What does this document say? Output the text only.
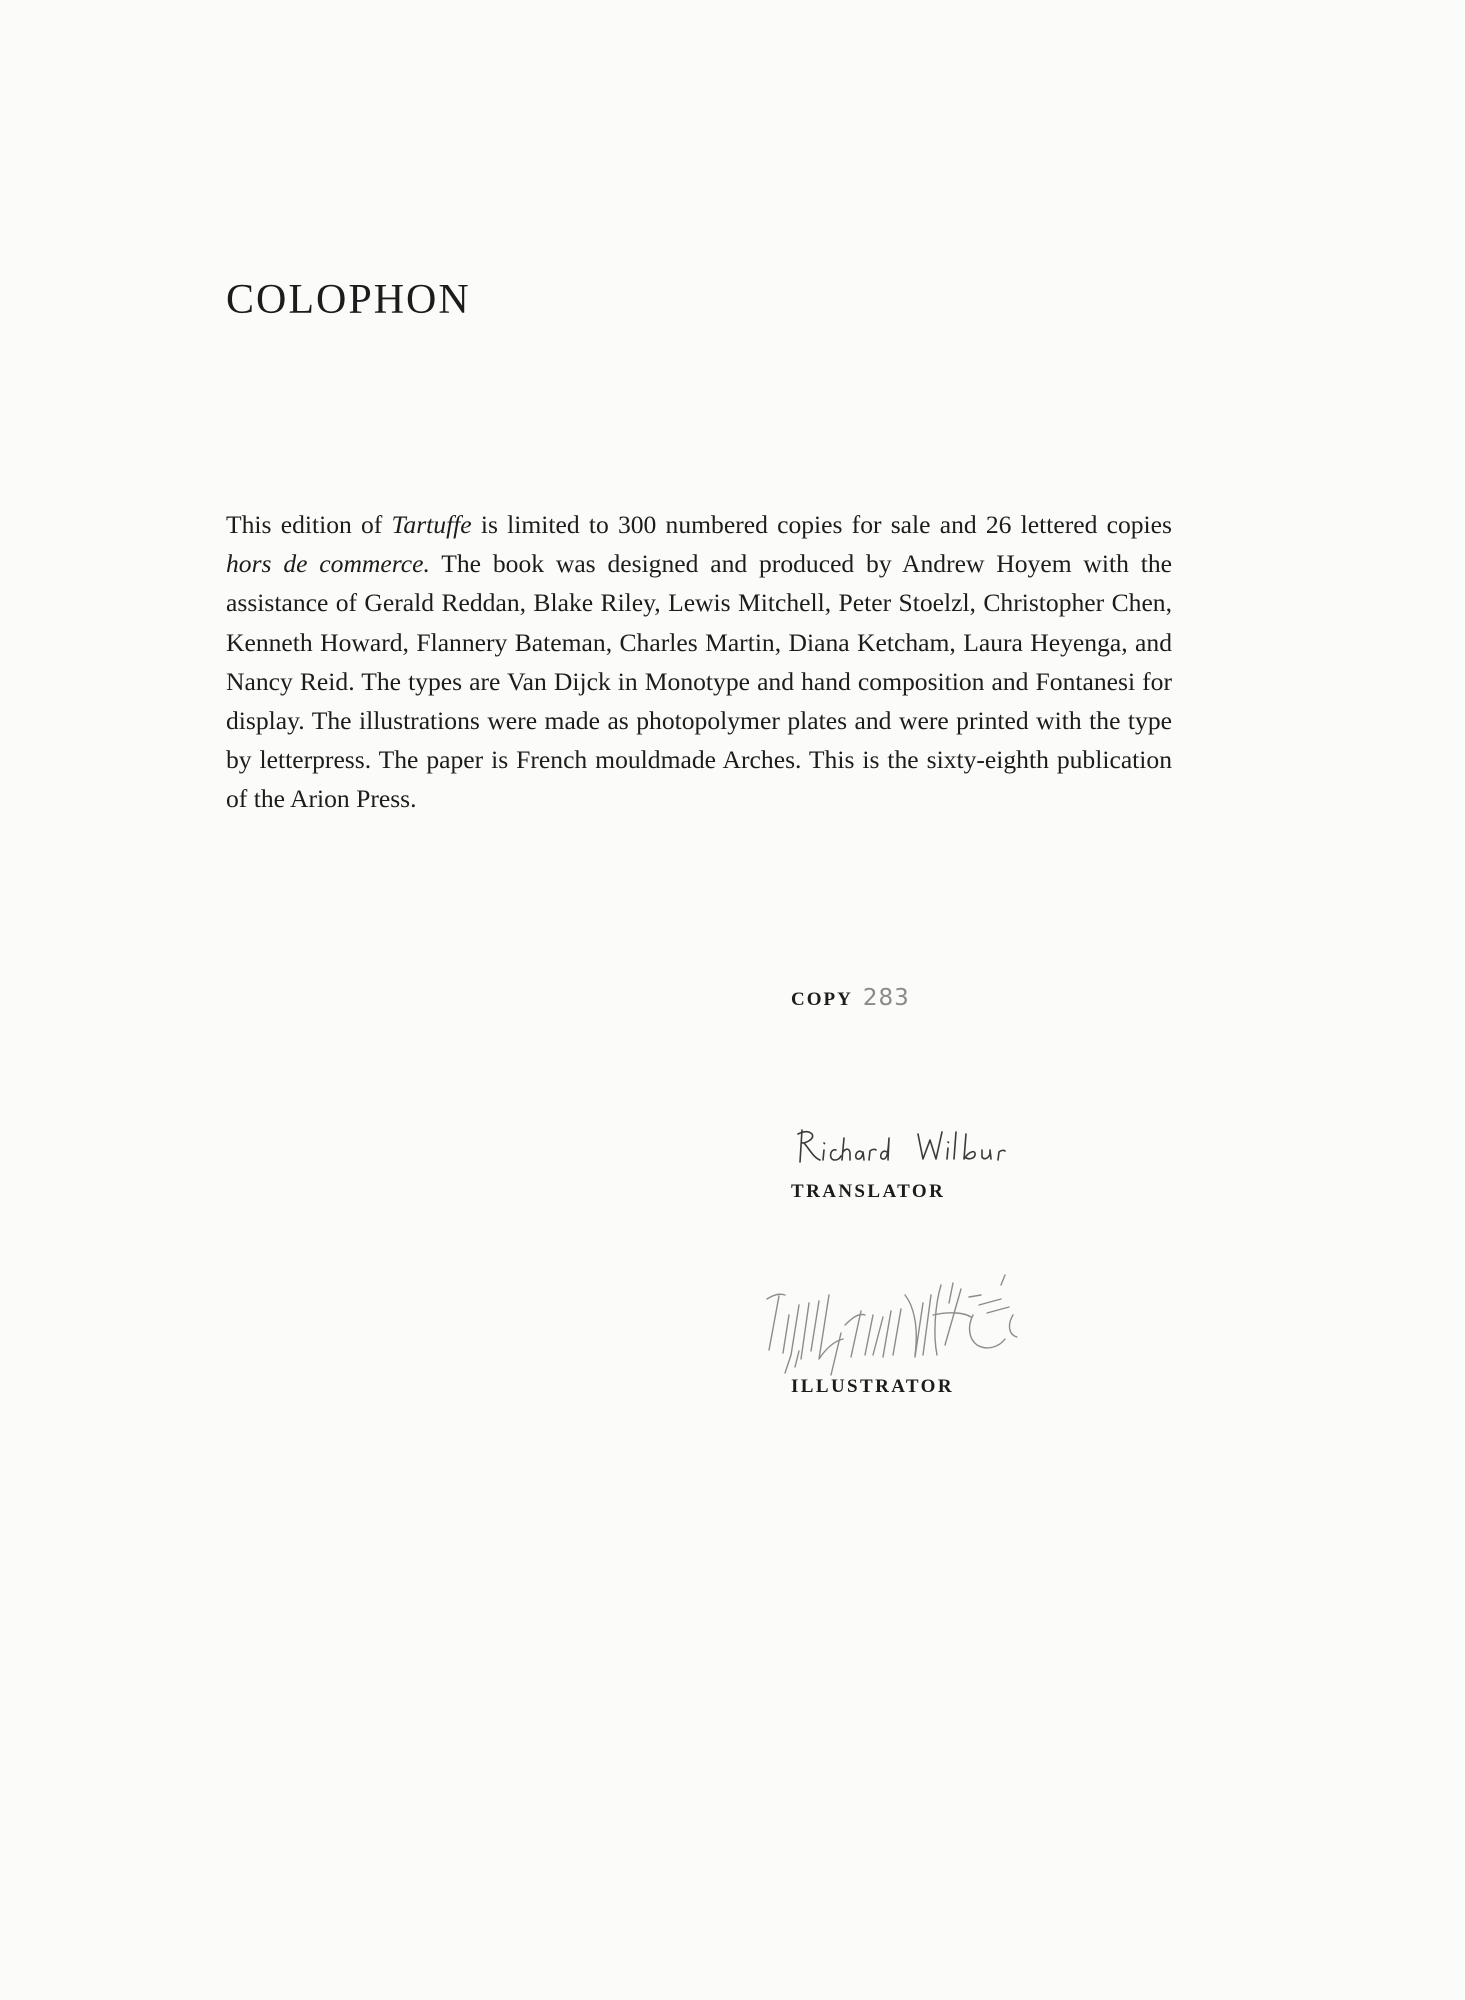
COLOPHON

This edition of Tartuffe is limited to 300 numbered copies for sale and 26 lettered copies hors de commerce. The book was designed and produced by Andrew Hoyem with the assistance of Gerald Reddan, Blake Riley, Lewis Mitchell, Peter Stoelzl, Christopher Chen, Kenneth Howard, Flannery Bateman, Charles Martin, Diana Ketcham, Laura Heyenga, and Nancy Reid. The types are Van Dijck in Monotype and hand composition and Fontanesi for display. The illustrations were made as photopolymer plates and were printed with the type by letterpress. The paper is French mouldmade Arches. This is the sixty-eighth publication of the Arion Press.

COPY 283
TRANSLATOR
ILLUSTRATOR
